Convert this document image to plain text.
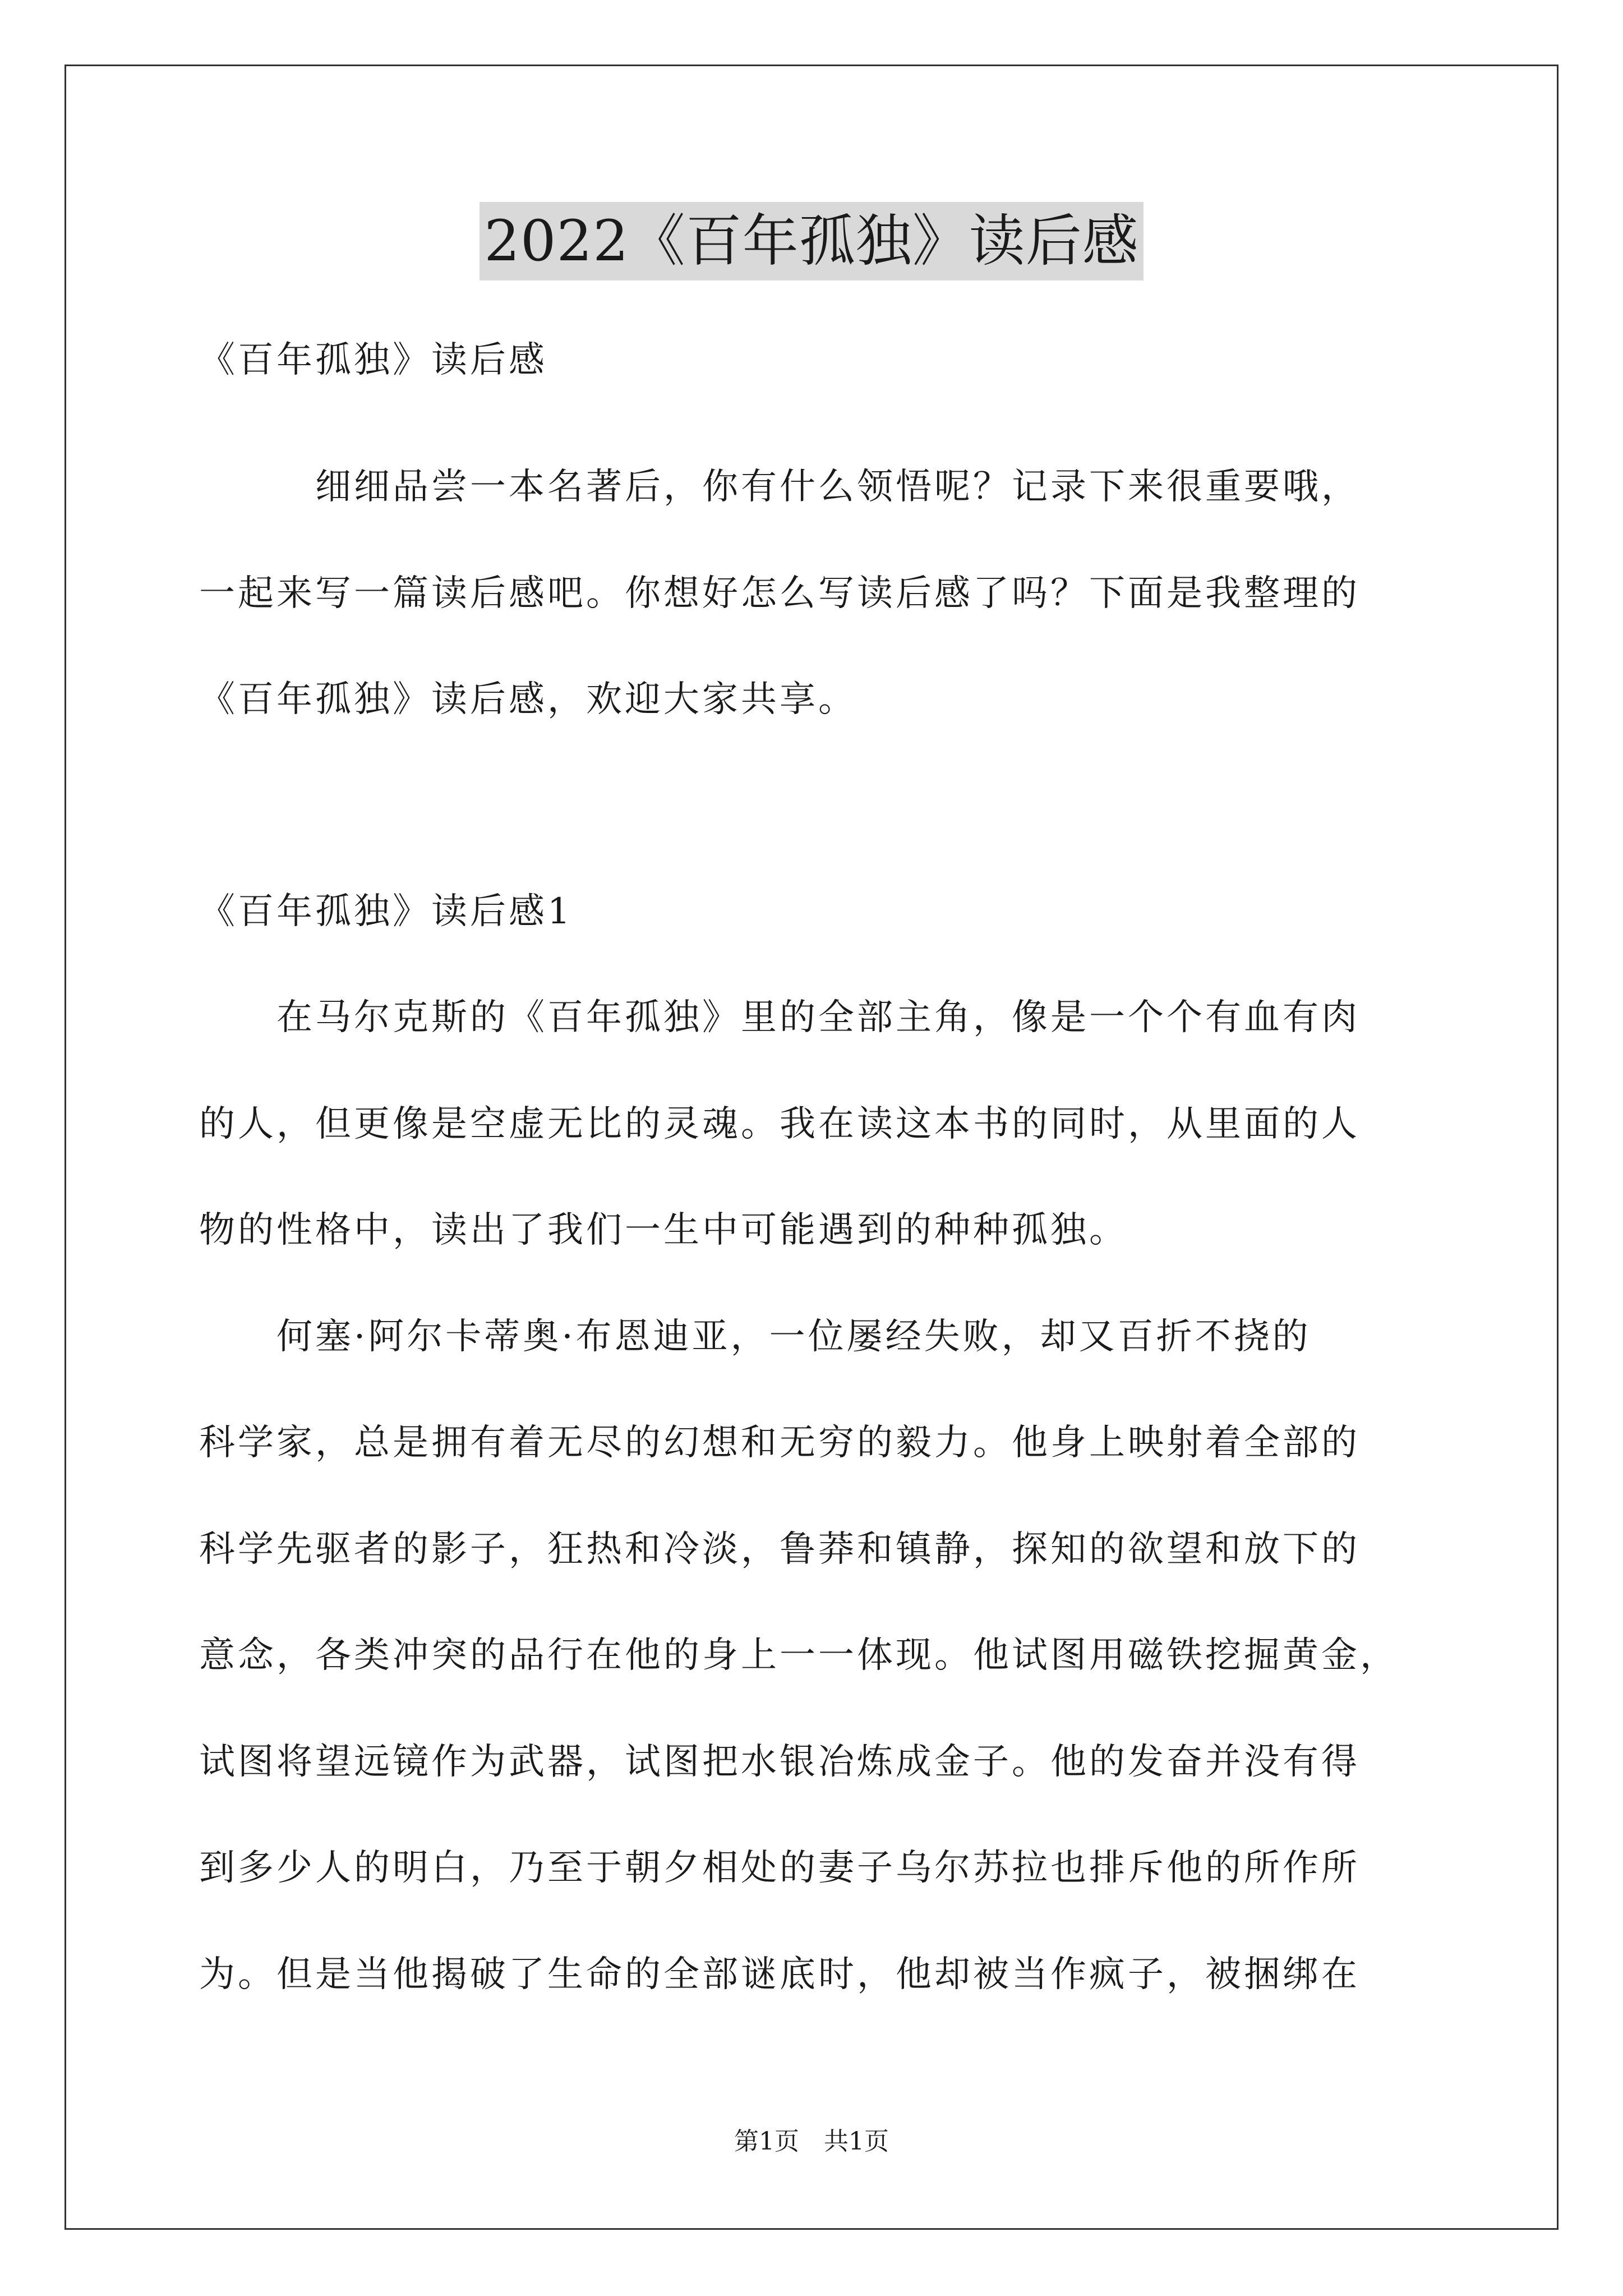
2022《百年孤独》读后感
《百年孤独》读后感
　　　细细品尝一本名著后，你有什么领悟呢？记录下来很重要哦，
一起来写一篇读后感吧。你想好怎么写读后感了吗？下面是我整理的
《百年孤独》读后感，欢迎大家共享。
《百年孤独》读后感1
　　在马尔克斯的《百年孤独》里的全部主角，像是一个个有血有肉
的人，但更像是空虚无比的灵魂。我在读这本书的同时，从里面的人
物的性格中，读出了我们一生中可能遇到的种种孤独。
　　何塞·阿尔卡蒂奥·布恩迪亚，一位屡经失败，却又百折不挠的
科学家，总是拥有着无尽的幻想和无穷的毅力。他身上映射着全部的
科学先驱者的影子，狂热和冷淡，鲁莽和镇静，探知的欲望和放下的
意念，各类冲突的品行在他的身上一一体现。他试图用磁铁挖掘黄金，
试图将望远镜作为武器，试图把水银冶炼成金子。他的发奋并没有得
到多少人的明白，乃至于朝夕相处的妻子乌尔苏拉也排斥他的所作所
为。但是当他揭破了生命的全部谜底时，他却被当作疯子，被捆绑在
第1页 共1页
